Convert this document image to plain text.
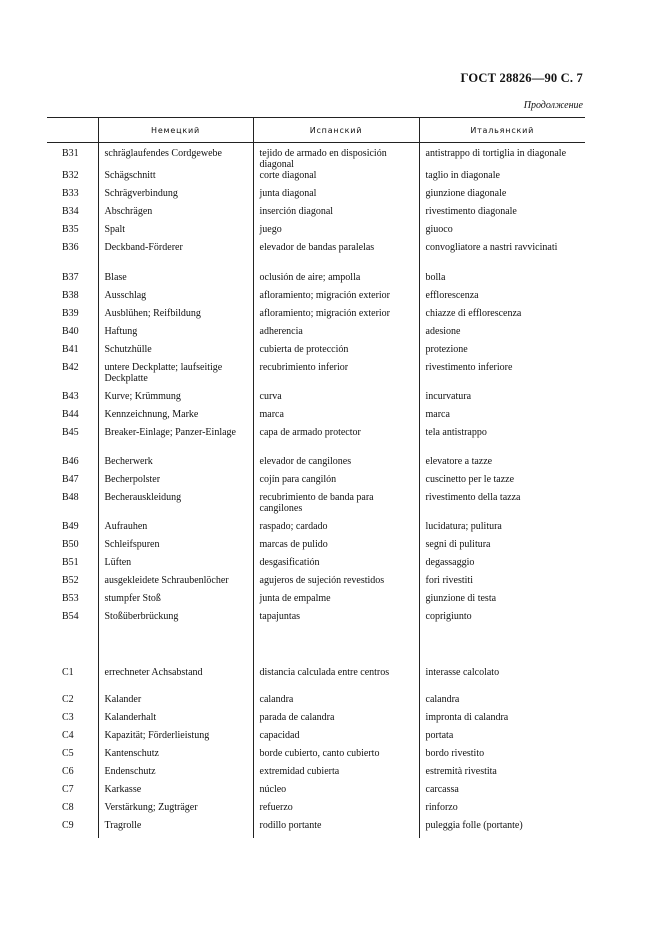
ГОСТ 28826—90 С. 7
Продолжение
	Немецкий	Испанский	Итальянский
B31	schräglaufendes Cordgewebe	tejido de armado en disposición diagonal	antistrappo di tortiglia in diagonale
B32	Schägschnitt	corte diagonal	taglio in diagonale
B33	Schrägverbindung	junta diagonal	giunzione diagonale
B34	Abschrägen	inserción diagonal	rivestimento diagonale
B35	Spalt	juego	giuoco
B36	Deckband-Förderer	elevador de bandas paralelas	convogliatore a nastri ravvicinati
B37	Blase	oclusión de aire; ampolla	bolla
B38	Ausschlag	afloramiento; migración exterior	efflorescenza
B39	Ausblühen; Reifbildung	afloramiento; migración exterior	chiazze di efflorescenza
B40	Haftung	adherencia	adesione
B41	Schutzhülle	cubierta de protección	protezione
B42	untere Deckplatte; laufseitige Deckplatte	recubrimiento inferior	rivestimento inferiore
B43	Kurve; Krümmung	curva	incurvatura
B44	Kennzeichnung, Marke	marca	marca
B45	Breaker-Einlage; Panzer-Einlage	capa de armado protector	tela antistrappo
B46	Becherwerk	elevador de cangilones	elevatore a tazze
B47	Becherpolster	cojín para cangilón	cuscinetto per le tazze
B48	Becherauskleidung	recubrimiento de banda para cangilones	rivestimento della tazza
B49	Aufrauhen	raspado; cardado	lucidatura; pulitura
B50	Schleifspuren	marcas de pulido	segni di pulitura
B51	Lüften	desgasificatión	degassaggio
B52	ausgekleidete Schraubenlöcher	agujeros de sujeción revestidos	fori rivestiti
B53	stumpfer Stoß	junta de empalme	giunzione di testa
B54	Stoßüberbrückung	tapajuntas	coprigiunto
C1	errechneter Achsabstand	distancia calculada entre centros	interasse calcolato
C2	Kalander	calandra	calandra
C3	Kalanderhalt	parada de calandra	impronta di calandra
C4	Kapazität; Förderlieistung	capacidad	portata
C5	Kantenschutz	borde cubierto, canto cubierto	bordo rivestito
C6	Endenschutz	extremidad cubierta	estremità rivestita
C7	Karkasse	núcleo	carcassa
C8	Verstärkung; Zugträger	refuerzo	rinforzo
C9	Tragrolle	rodillo portante	puleggia folle (portante)
